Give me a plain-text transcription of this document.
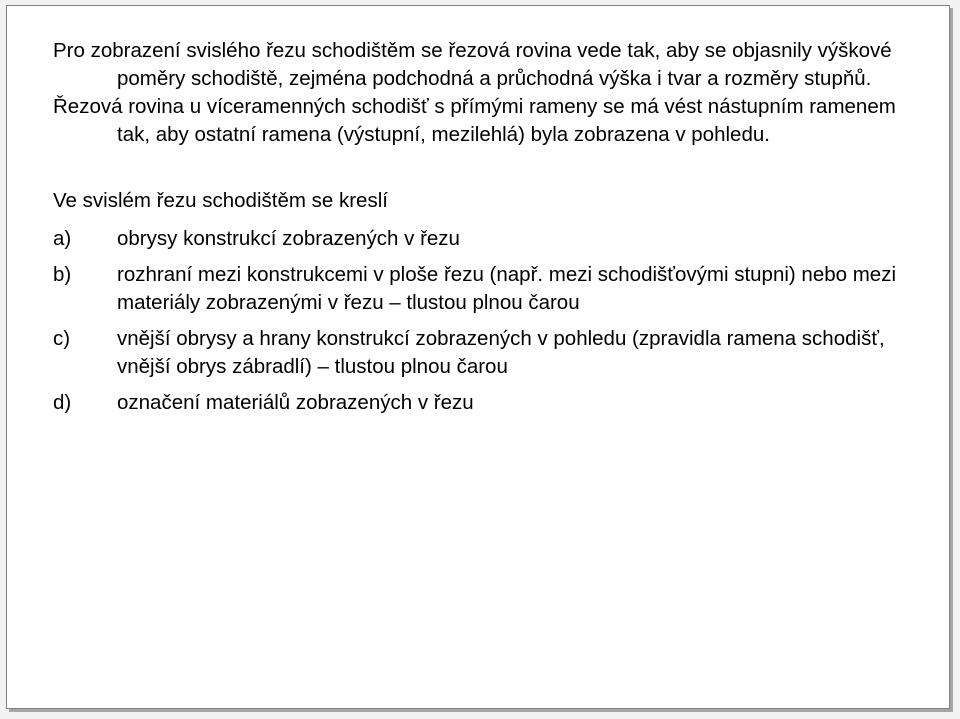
Pro zobrazení svislého řezu schodištěm se řezová rovina vede tak, aby se objasnily výškové poměry schodiště, zejména podchodná a průchodná výška i tvar a rozměry stupňů.

Řezová rovina u víceramenných schodišť s přímými rameny se má vést nástupním ramenem tak, aby ostatní ramena (výstupní, mezilehlá) byla zobrazena v pohledu.

Ve svislém řezu schodištěm se kreslí

a)	obrysy konstrukcí zobrazených v řezu
b)	rozhraní mezi konstrukcemi v ploše řezu (např. mezi schodišťovými stupni) nebo mezi materiály zobrazenými v řezu – tlustou plnou čarou
c)	vnější obrysy a hrany konstrukcí zobrazených v pohledu (zpravidla ramena schodišť, vnější obrys zábradlí) – tlustou plnou čarou
d)	označení materiálů zobrazených v řezu
